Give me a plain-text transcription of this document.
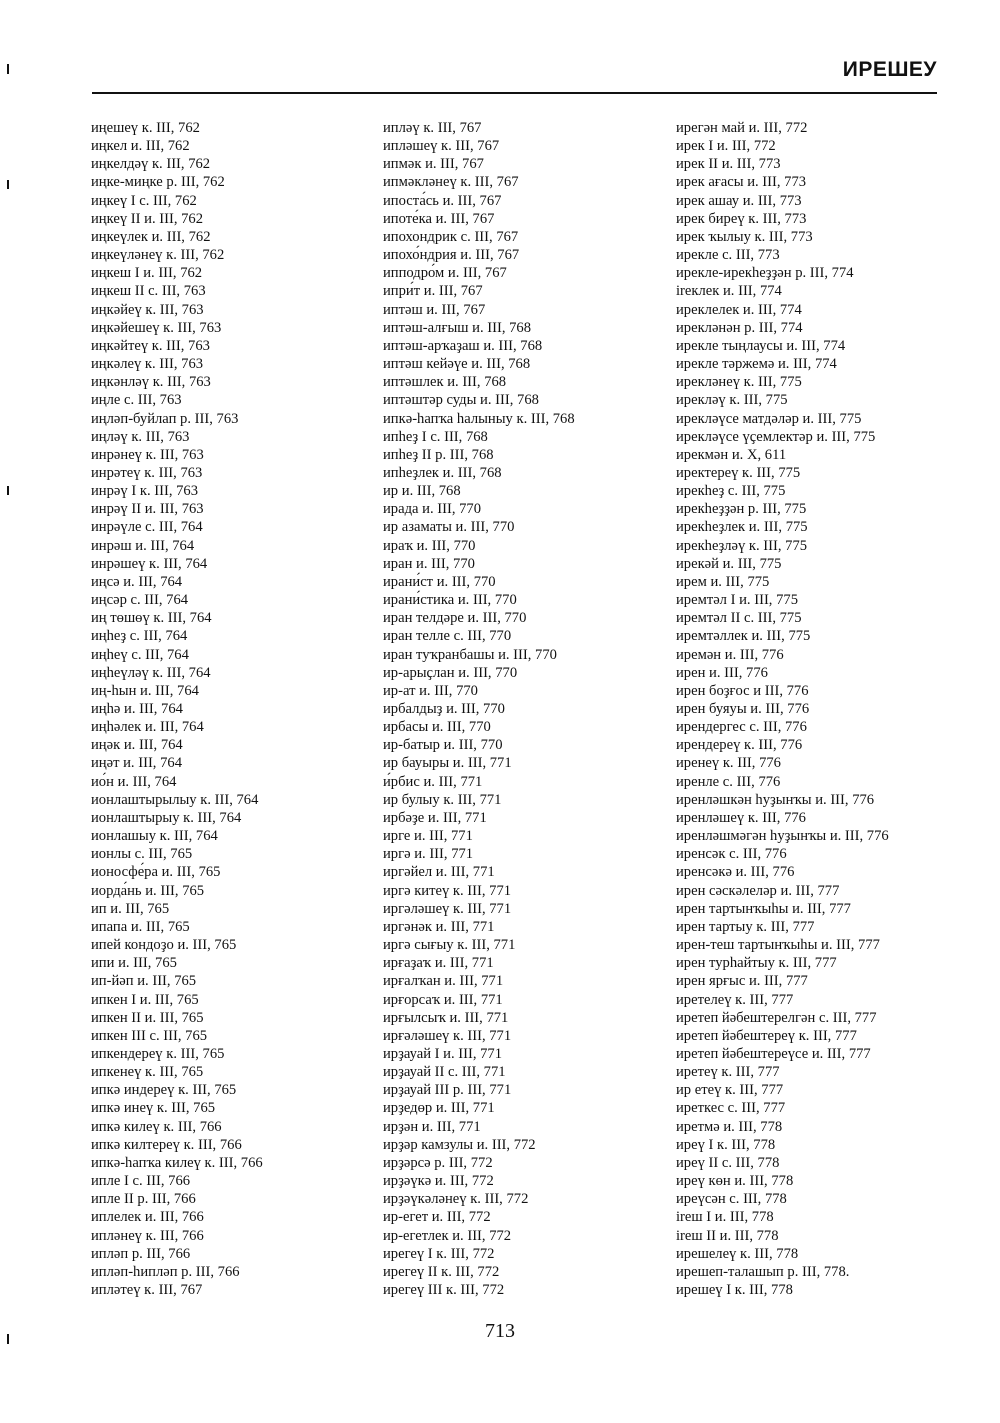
ИРЕШЕУ
иңешеү к. III, 762
иңкел и. III, 762
иңкелдәү к. III, 762
иңке-миңке р. III, 762
иңкеү I с. III, 762
иңкеү II и. III, 762
иңкеүлек и. III, 762
иңкеүләнеү к. III, 762
иңкеш I и. III, 762
иңкеш II с. III, 763
иңкәйеү к. III, 763
иңкәйешеү к. III, 763
иңкәйтеү к. III, 763
иңкәлеү к. III, 763
иңкәнләү к. III, 763
иңле с. III, 763
иңләп-буйлап р. III, 763
иңләү к. III, 763
инрәнеү к. III, 763
инрәтеү к. III, 763
инрәү I к. III, 763
инрәү II и. III, 763
инрәүле с. III, 764
инрәш и. III, 764
инрәшеү к. III, 764
иңсә и. III, 764
иңсәр с. III, 764
иң төшөү к. III, 764
иңһеҙ с. III, 764
иңһеү с. III, 764
иңһеүләү к. III, 764
иң-һын и. III, 764
иңһә и. III, 764
иңһәлек и. III, 764
иңәк и. III, 764
иңәт и. III, 764
ио́н и. III, 764
ионлаштырылыу к. III, 764
ионлаштырыу к. III, 764
ионлашыу к. III, 764
ионлы с. III, 765
ионосфе́ра и. III, 765
иорда́нь и. III, 765
ип и. III, 765
ипапа и. III, 765
ипей кондоҙо и. III, 765
ипи и. III, 765
ип-йәп и. III, 765
ипкен I и. III, 765
ипкен II и. III, 765
ипкен III с. III, 765
ипкендереү к. III, 765
ипкенеү к. III, 765
ипкә индереү к. III, 765
ипкә инеү к. III, 765
ипкә килеү к. III, 766
ипкә килтереү к. III, 766
ипкә-һапҡа килеү к. III, 766
ипле I с. III, 766
ипле II р. III, 766
иплелек и. III, 766
ипләнеү к. III, 766
ипләп р. III, 766
ипләп-һипләп р. III, 766
ипләтеү к. III, 767
ипләү к. III, 767
ипләшеү к. III, 767
ипмәк и. III, 767
ипмәкләнеү к. III, 767
ипоста́сь и. III, 767
ипоте́ка и. III, 767
ипохондрик с. III, 767
ипохо́ндрия и. III, 767
ипподро́м и. III, 767
ипри́т и. III, 767
иптәш и. III, 767
иптәш-алғыш и. III, 768
иптәш-арҡаҙаш и. III, 768
иптәш кейәүе и. III, 768
иптәшлек и. III, 768
иптәштәр суды и. III, 768
ипкә-һапҡа һалыныу к. III, 768
ипһеҙ I с. III, 768
ипһеҙ II р. III, 768
ипһеҙлек и. III, 768
ир и. III, 768
ирада и. III, 770
ир азаматы и. III, 770
ираҡ и. III, 770
иран и. III, 770
ирани́ст и. III, 770
ирани́стика и. III, 770
иран телдәре и. III, 770
иран телле с. III, 770
иран туҡранбашы и. III, 770
ир-арыҫлан и. III, 770
ир-ат и. III, 770
ирбалдыҙ и. III, 770
ирбасы и. III, 770
ир-батыр и. III, 770
ир бауыры и. III, 771
и́рбис и. III, 771
ир булыу к. III, 771
ирбәҙе и. III, 771
ирге и. III, 771
иргә и. III, 771
иргәйел и. III, 771
иргә китеү к. III, 771
иргәләшеү к. III, 771
иргәнәк и. III, 771
иргә сығыу к. III, 771
ирғаҙаҡ и. III, 771
ирғалҡан и. III, 771
ирғорсаҡ и. III, 771
ирғылсыҡ и. III, 771
ирғәләшеү к. III, 771
ирҙауай I и. III, 771
ирҙауай II с. III, 771
ирҙауай III р. III, 771
ирҙедөр и. III, 771
ирҙән и. III, 771
ирҙәр камзулы и. III, 772
ирҙәрсә р. III, 772
ирҙәүкә и. III, 772
ирҙәүкәләнеү к. III, 772
ир-егет и. III, 772
ир-егетлек и. III, 772
ирегеү I к. III, 772
ирегеү II к. III, 772
ирегеү III к. III, 772
ирегән май и. III, 772
ирек I и. III, 772
ирек II и. III, 773
ирек ағасы и. III, 773
ирек ашау и. III, 773
ирек биреү к. III, 773
ирек ҡылыу к. III, 773
ирекле с. III, 773
ирекле-ирекһеҙҙән р. III, 774
ireклек и. III, 774
иреклелек и. III, 774
ирекләнән р. III, 774
ирекле тыңлаусы и. III, 774
ирекле тәржемә и. III, 774
ирекләнеү к. III, 775
ирекләү к. III, 775
ирекләүсе матдәләр и. III, 775
ирекләүсе үҫемлектәр и. III, 775
ирекмән и. X, 611
иректереү к. III, 775
ирекһеҙ с. III, 775
ирекһеҙҙән р. III, 775
ирекһеҙлек и. III, 775
ирекһеҙләү к. III, 775
ирекәй и. III, 775
ирем и. III, 775
иремтәл I и. III, 775
иремтәл II с. III, 775
иремтәллек и. III, 775
иремән и. III, 776
ирен и. III, 776
ирен боҙғос и III, 776
ирен буяуы и. III, 776
ирендергес с. III, 776
ирендереү к. III, 776
иренеү к. III, 776
иренле с. III, 776
иренләшкән һуҙынҡы и. III, 776
иренләшеү к. III, 776
иренләшмәгән һуҙынҡы и. III, 776
иренсәк с. III, 776
иренсәкә и. III, 776
ирен сәскәлеләр и. III, 777
ирен тартынҡыһы и. III, 777
ирен тартыу к. III, 777
ирен-теш тартынҡыһы и. III, 777
ирен турһайтыу к. III, 777
ирен ярғыс и. III, 777
иретелеү к. III, 777
иретеп йәбештерелгән с. III, 777
иретеп йәбештереү к. III, 777
иретеп йәбештереүсе и. III, 777
иретеү к. III, 777
ир етеү к. III, 777
иреткес с. III, 777
иретмә и. III, 778
иреү I к. III, 778
иреү II с. III, 778
иреү көн и. III, 778
иреүсән с. III, 778
ireш I и. III, 778
ireш II и. III, 778
ирешелеү к. III, 778
ирешеп-талашып р. III, 778.
ирешеү I к. III, 778
713
